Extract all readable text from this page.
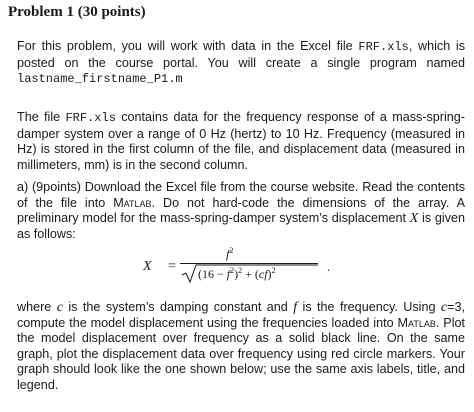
Problem 1 (30 points)

For this problem, you will work with data in the Excel file FRF.xls, which is posted on the course portal. You will create a single program named lastname_firstname_P1.m

The file FRF.xls contains data for the frequency response of a mass-spring-damper system over a range of 0 Hz (hertz) to 10 Hz. Frequency (measured in Hz) is stored in the first column of the file, and displacement data (measured in millimeters, mm) is in the second column.

a) (9points) Download the Excel file from the course website. Read the contents of the file into Matlab. Do not hard-code the dimensions of the array. A preliminary model for the mass-spring-damper system’s displacement X is given as follows:

X =
$f^2$
$(16 - f^2)^2 + (cf)^2$	.

where c is the system’s damping constant and f is the frequency. Using c=3, compute the model displacement using the frequencies loaded into Matlab. Plot the model displacement over frequency as a solid black line. On the same graph, plot the displacement data over frequency using red circle markers. Your graph should look like the one shown below; use the same axis labels, title, and legend.
